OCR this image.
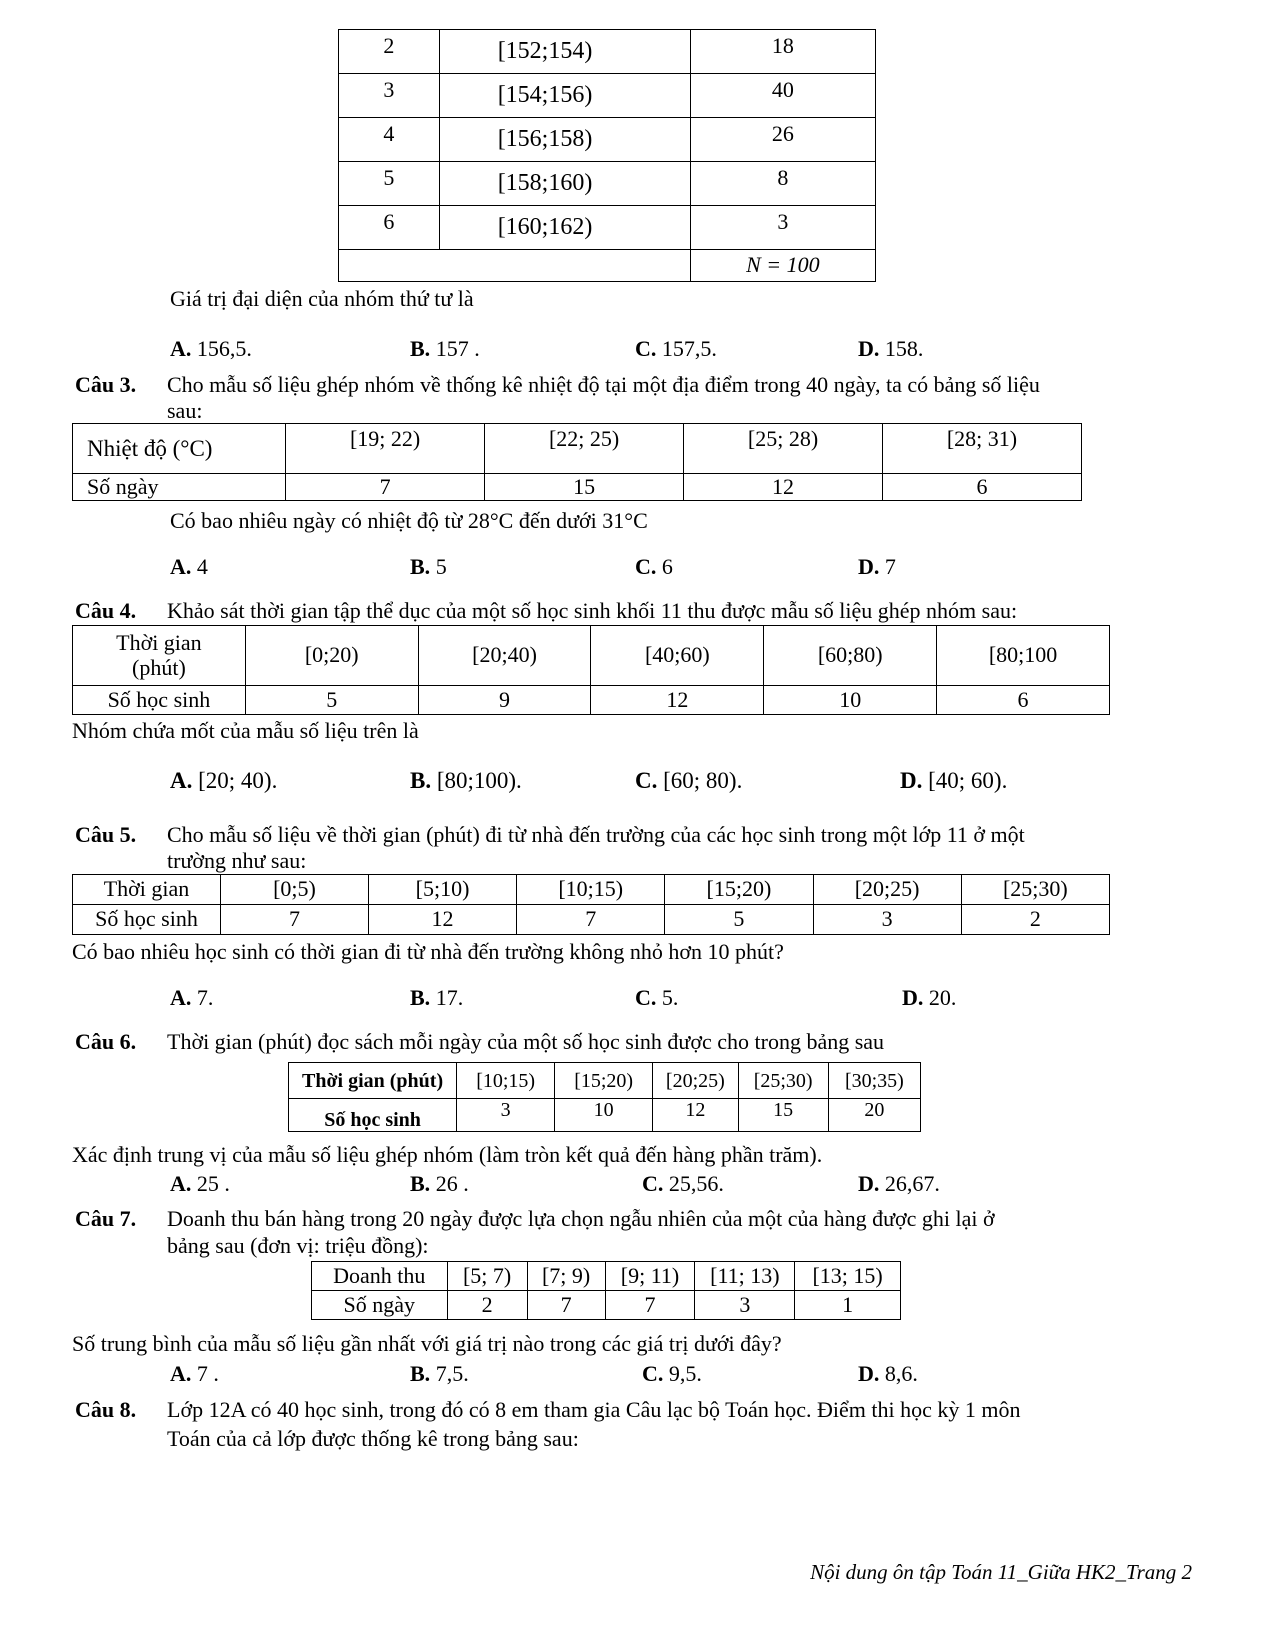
2	[152;154)	18
3	[154;156)	40
4	[156;158)	26
5	[158;160)	8
6	[160;162)	3
		N = 100
Giá trị đại diện của nhóm thứ tư là
A. 156,5.	B. 157 .	C. 157,5.	D. 158.
Câu 3. Cho mẫu số liệu ghép nhóm về thống kê nhiệt độ tại một địa điểm trong 40 ngày, ta có bảng số liệu
sau:
Nhiệt độ (°C)	[19; 22)	[22; 25)	[25; 28)	[28; 31)
Số ngày	7	15	12	6
Có bao nhiêu ngày có nhiệt độ từ 28°C đến dưới 31°C
A. 4	B. 5	C. 6	D. 7
Câu 4. Khảo sát thời gian tập thể dục của một số học sinh khối 11 thu được mẫu số liệu ghép nhóm sau:
Thời gian
(phút)	[0;20)	[20;40)	[40;60)	[60;80)	[80;100
Số học sinh	5	9	12	10	6
Nhóm chứa mốt của mẫu số liệu trên là
A. [20; 40).	B. [80;100).	C. [60; 80).	D. [40; 60).
Câu 5. Cho mẫu số liệu về thời gian (phút) đi từ nhà đến trường của các học sinh trong một lớp 11 ở một
trường như sau:
Thời gian	[0;5)	[5;10)	[10;15)	[15;20)	[20;25)	[25;30)
Số học sinh	7	12	7	5	3	2
Có bao nhiêu học sinh có thời gian đi từ nhà đến trường không nhỏ hơn 10 phút?
A. 7.	B. 17.	C. 5.	D. 20.
Câu 6. Thời gian (phút) đọc sách mỗi ngày của một số học sinh được cho trong bảng sau
Thời gian (phút)	[10;15)	[15;20)	[20;25)	[25;30)	[30;35)
Số học sinh	3	10	12	15	20
Xác định trung vị của mẫu số liệu ghép nhóm (làm tròn kết quả đến hàng phần trăm).
A. 25 .	B. 26 .	C. 25,56.	D. 26,67.
Câu 7. Doanh thu bán hàng trong 20 ngày được lựa chọn ngẫu nhiên của một của hàng được ghi lại ở
bảng sau (đơn vị: triệu đồng):
Doanh thu	[5; 7)	[7; 9)	[9; 11)	[11; 13)	[13; 15)
Số ngày	2	7	7	3	1
Số trung bình của mẫu số liệu gần nhất với giá trị nào trong các giá trị dưới đây?
A. 7 .	B. 7,5.	C. 9,5.	D. 8,6.
Câu 8. Lớp 12A có 40 học sinh, trong đó có 8 em tham gia Câu lạc bộ Toán học. Điểm thi học kỳ 1 môn
Toán của cả lớp được thống kê trong bảng sau:
Nội dung ôn tập Toán 11_Giữa HK2_Trang 2
